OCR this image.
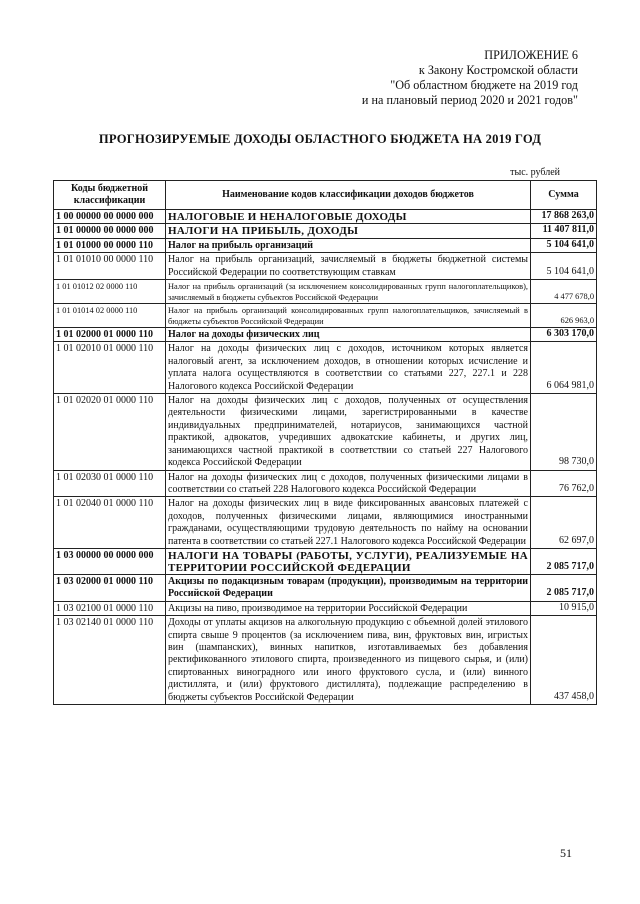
ПРИЛОЖЕНИЕ 6
к Закону Костромской области
"Об областном бюджете на 2019 год
и на плановый период 2020 и 2021 годов"
ПРОГНОЗИРУЕМЫЕ ДОХОДЫ ОБЛАСТНОГО БЮДЖЕТА НА 2019 ГОД
тыс. рублей
Коды бюджетной классификации	Наименование кодов классификации доходов бюджетов	Сумма
1 00 00000 00 0000 000	НАЛОГОВЫЕ И НЕНАЛОГОВЫЕ ДОХОДЫ	17 868 263,0
1 01 00000 00 0000 000	НАЛОГИ НА ПРИБЫЛЬ, ДОХОДЫ	11 407 811,0
1 01 01000 00 0000 110	Налог на прибыль организаций	5 104 641,0
1 01 01010 00 0000 110	Налог на прибыль организаций, зачисляемый в бюджеты бюджетной системы Российской Федерации по соответствующим ставкам	5 104 641,0
1 01 01012 02 0000 110	Налог на прибыль организаций (за исключением консолидированных групп налогоплательщиков), зачисляемый в бюджеты субъектов Российской Федерации	4 477 678,0
1 01 01014 02 0000 110	Налог на прибыль организаций консолидированных групп налогоплательщиков, зачисляемый в бюджеты субъектов Российской Федерации	626 963,0
1 01 02000 01 0000 110	Налог на доходы физических лиц	6 303 170,0
1 01 02010 01 0000 110	Налог на доходы физических лиц с доходов, источником которых является налоговый агент, за исключением доходов, в отношении которых исчисление и уплата налога осуществляются в соответствии со статьями 227, 227.1 и 228 Налогового кодекса Российской Федерации	6 064 981,0
1 01 02020 01 0000 110	Налог на доходы физических лиц с доходов, полученных от осуществления деятельности физическими лицами, зарегистрированными в качестве индивидуальных предпринимателей, нотариусов, занимающихся частной практикой, адвокатов, учредивших адвокатские кабинеты, и других лиц, занимающихся частной практикой в соответствии со статьей 227 Налогового кодекса Российской Федерации	98 730,0
1 01 02030 01 0000 110	Налог на доходы физических лиц с доходов, полученных физическими лицами в соответствии со статьей 228 Налогового кодекса Российской Федерации	76 762,0
1 01 02040 01 0000 110	Налог на доходы физических лиц в виде фиксированных авансовых платежей с доходов, полученных физическими лицами, являющимися иностранными гражданами, осуществляющими трудовую деятельность по найму на основании патента в соответствии со статьей 227.1 Налогового кодекса Российской Федерации	62 697,0
1 03 00000 00 0000 000	НАЛОГИ НА ТОВАРЫ (РАБОТЫ, УСЛУГИ), РЕАЛИЗУЕМЫЕ НА ТЕРРИТОРИИ РОССИЙСКОЙ ФЕДЕРАЦИИ	2 085 717,0
1 03 02000 01 0000 110	Акцизы по подакцизным товарам (продукции), производимым на территории Российской Федерации	2 085 717,0
1 03 02100 01 0000 110	Акцизы на пиво, производимое на территории Российской Федерации	10 915,0
1 03 02140 01 0000 110	Доходы от уплаты акцизов на алкогольную продукцию с объемной долей этилового спирта свыше 9 процентов (за исключением пива, вин, фруктовых вин, игристых вин (шампанских), винных напитков, изготавливаемых без добавления ректификованного этилового спирта, произведенного из пищевого сырья, и (или) спиртованных виноградного или иного фруктового сусла, и (или) винного дистиллята, и (или) фруктового дистиллята), подлежащие распределению в бюджеты субъектов Российской Федерации	437 458,0
51
